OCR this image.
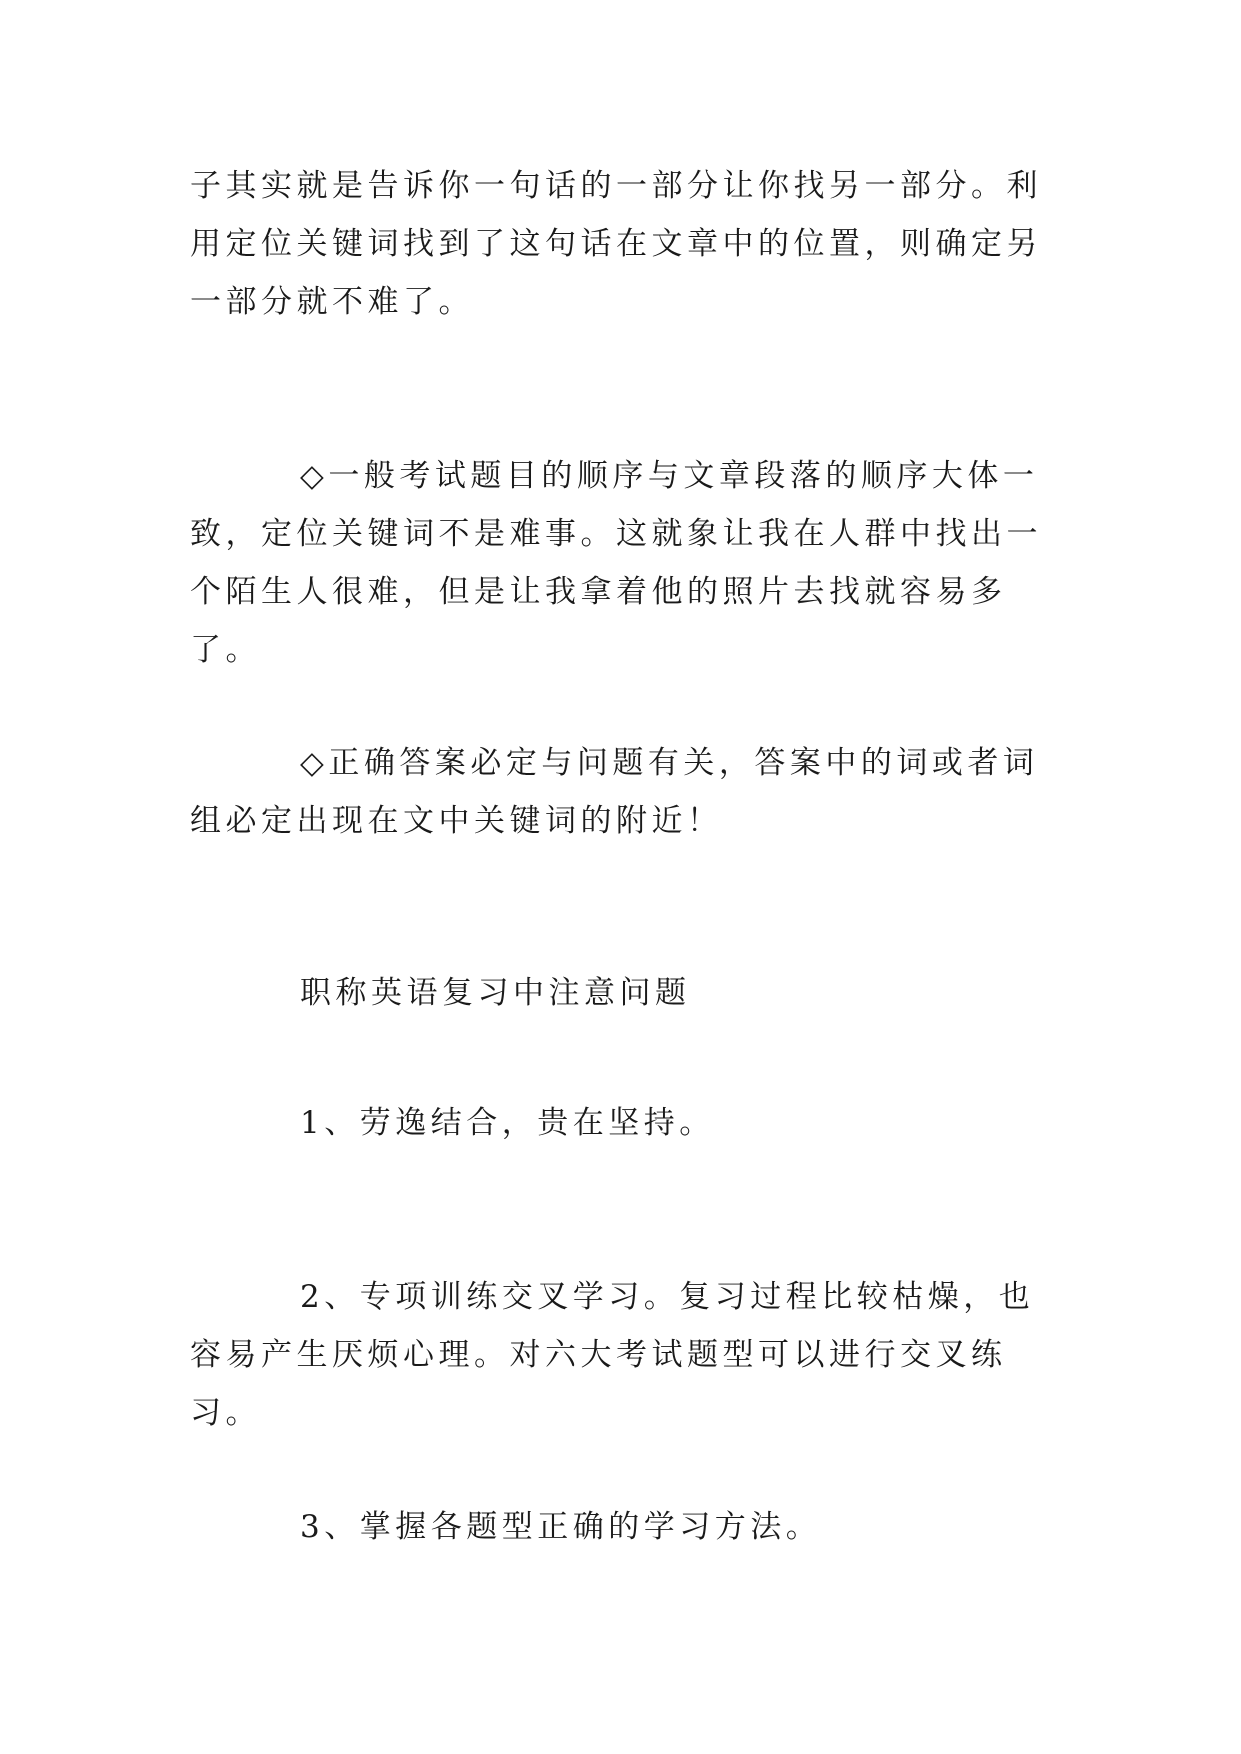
子其实就是告诉你一句话的一部分让你找另一部分。利用定位关键词找到了这句话在文章中的位置，则确定另一部分就不难了。

◇一般考试题目的顺序与文章段落的顺序大体一致，定位关键词不是难事。这就象让我在人群中找出一个陌生人很难，但是让我拿着他的照片去找就容易多了。

◇正确答案必定与问题有关，答案中的词或者词组必定出现在文中关键词的附近！

职称英语复习中注意问题

1、劳逸结合，贵在坚持。

2、专项训练交叉学习。复习过程比较枯燥，也容易产生厌烦心理。对六大考试题型可以进行交叉练习。

3、掌握各题型正确的学习方法。
